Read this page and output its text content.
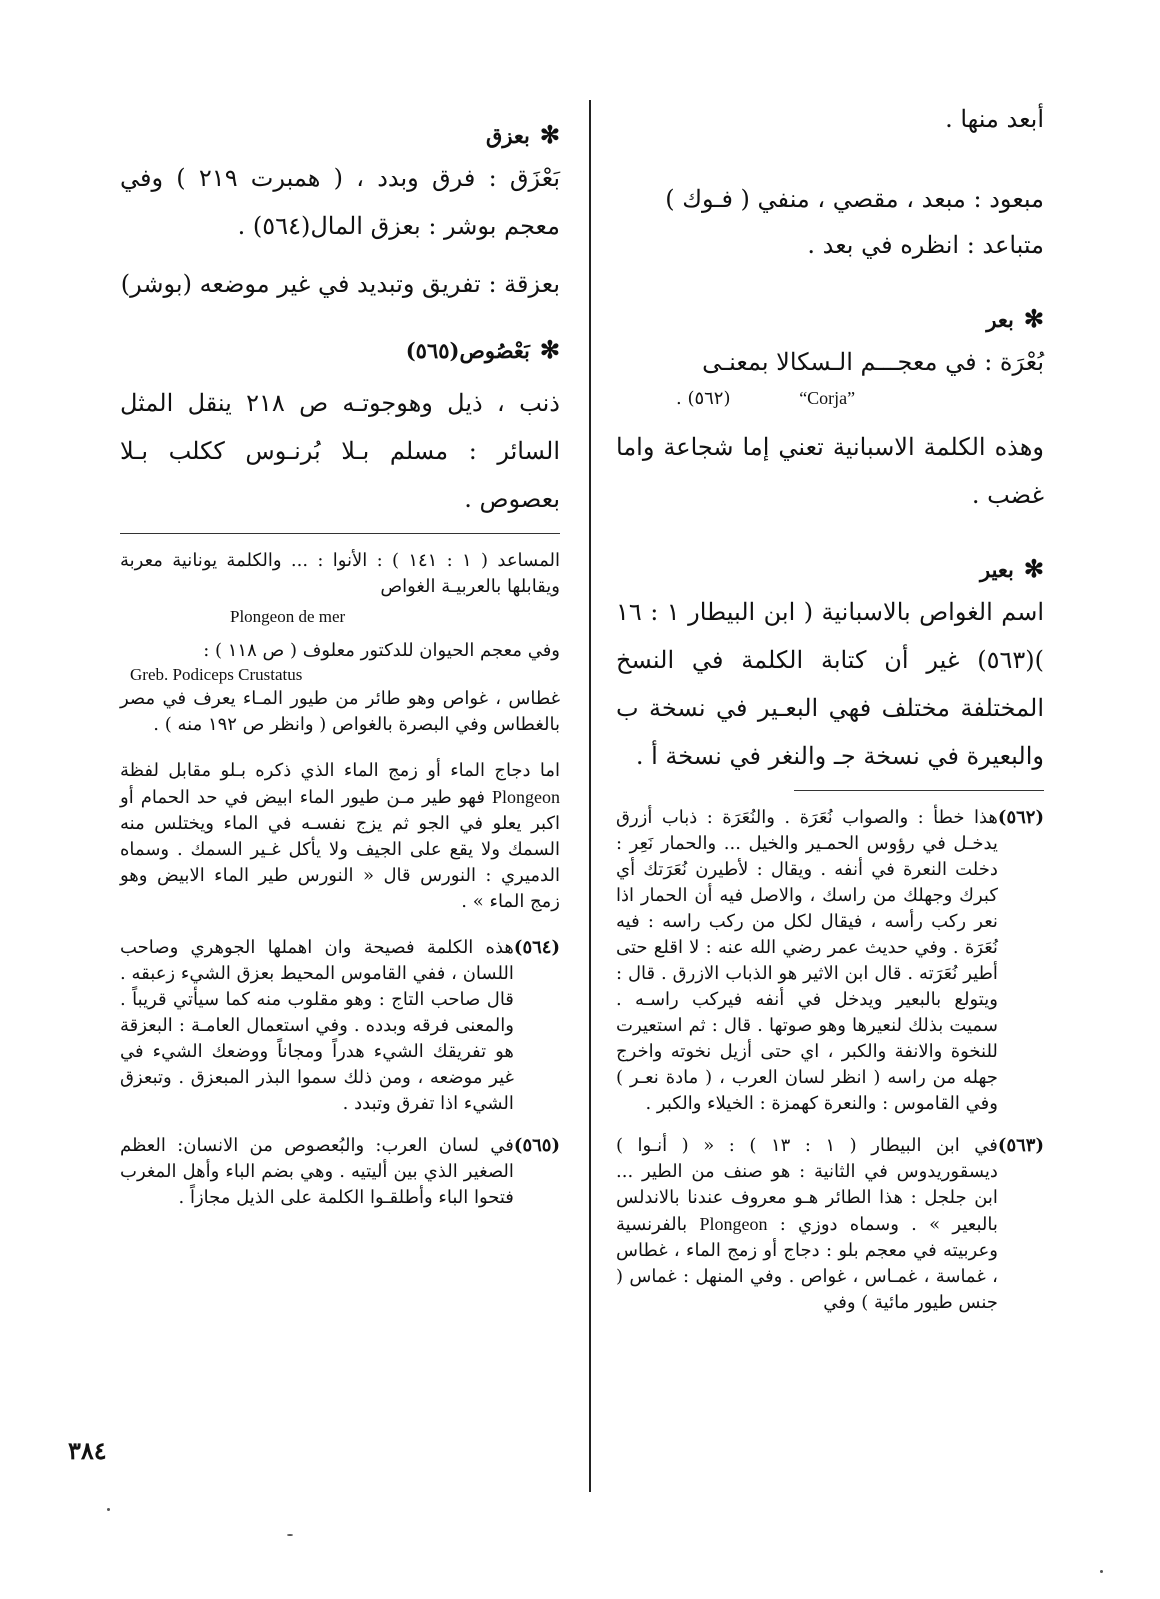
أبعد منها .

مبعود : مبعد ، مقصي ، منفي ( فـوك )

متباعد : انظره في بعد .

✻بعر

بُعْرَة : في معجـــم الـسكالا بمعنـى

“Corja”            (٥٦٢) .

وهذه الكلمة الاسبانية تعني إما شجاعة واما غضب .

✻بعير

اسم الغواص بالاسبانية ( ابن البيطار ١ : ١٦ )(٥٦٣) غير أن كتابة الكلمة في النسخ المختلفة مختلف فهي البعـير في نسخة ب والبعيرة في نسخة جـ والنغر في نسخة أ .

(٥٦٢)
هذا خطأ : والصواب نُعَرَة . والنُعَرَة : ذباب أزرق يدخـل في رؤوس الحمـير والخيل ... والحمار نَعِر : دخلت النعرة في أنفه . ويقال : لأطيرن نُعَرَتك أي كبرك وجهلك من راسك ، والاصل فيه أن الحمار اذا نعر ركب رأسه ، فيقال لكل من ركب راسه : فيه نُعَرَة . وفي حديث عمر رضي الله عنه : لا اقلع حتى أطير نُعَرَته . قال ابن الاثير هو الذباب الازرق . قال : ويتولع بالبعير ويدخل في أنفه فيركب راسـه . سميت بذلك لنعيرها وهو صوتها . قال : ثم استعيرت للنخوة والانفة والكبر ، اي حتى أزيل نخوته واخرج جهله من راسه ( انظر لسان العرب ، ( مادة نعـر ) وفي القاموس : والنعرة كهمزة : الخيلاء والكبر .
(٥٦٣)
في ابن البيطار ( ١ : ١٣ ) : « ( أنـوا ) ديسقوريدوس في الثانية : هو صنف من الطير ... ابن جلجل : هذا الطائر هـو معروف عندنا بالاندلس بالبعير » . وسماه دوزي : Plongeon بالفرنسية وعربيته في معجم بلو : دجاج أو زمج الماء ، غطاس ، غماسة ، غمـاس ، غواص . وفي المنهل : غماس ( جنس طيور مائية ) وفي
✻بعزق

بَعْزَق : فرق وبدد ، ( همبرت ٢١٩ ) وفي معجم بوشر : بعزق المال(٥٦٤) .

بعزقة : تفريق وتبديد في غير موضعه (بوشر)

✻بَعْصُوص(٥٦٥)

ذنب ، ذيل وهوجوتـه ص ٢١٨ ينقل المثل السائر : مسلم بـلا بُرنـوس ككلب بـلا بعصوص .

المساعد ( ١ : ١٤١ ) : الأنوا : ... والكلمة يونانية معربة ويقابلها بالعربيـة الغواص

Plongeon de mer

وفي معجم الحيوان للدكتور معلوف ( ص ١١٨ ) :

Greb. Podiceps Crustatus

غطاس ، غواص وهو طائر من طيور المـاء يعرف في مصر بالغطاس وفي البصرة بالغواص ( وانظر ص ١٩٢ منه ) .

اما دجاج الماء أو زمج الماء الذي ذكره بـلو مقابل لفظة Plongeon فهو طير مـن طيور الماء ابيض في حد الحمام أو اكبر يعلو في الجو ثم يزج نفسـه في الماء ويختلس منه السمك ولا يقع على الجيف ولا يأكل غـير السمك . وسماه الدميري : النورس قال « النورس طير الماء الابيض وهو زمج الماء » .

(٥٦٤)
هذه الكلمة فصيحة وان اهملها الجوهري وصاحب اللسان ، ففي القاموس المحيط بعزق الشيء زعبقه . قال صاحب التاج : وهو مقلوب منه كما سيأتي قريباً . والمعنى فرقه وبدده . وفي استعمال العامـة : البعزقة هو تفريقك الشيء هدراً ومجاناً ووضعك الشيء في غير موضعه ، ومن ذلك سموا البذر المبعزق . وتبعزق الشيء اذا تفرق وتبدد .
(٥٦٥)
في لسان العرب: والبُعصوص من الانسان: العظم الصغير الذي بين أليتيه . وهي بضم الباء وأهل المغرب فتحوا الباء وأطلقـوا الكلمة على الذيل مجازاً .
٣٨٤
